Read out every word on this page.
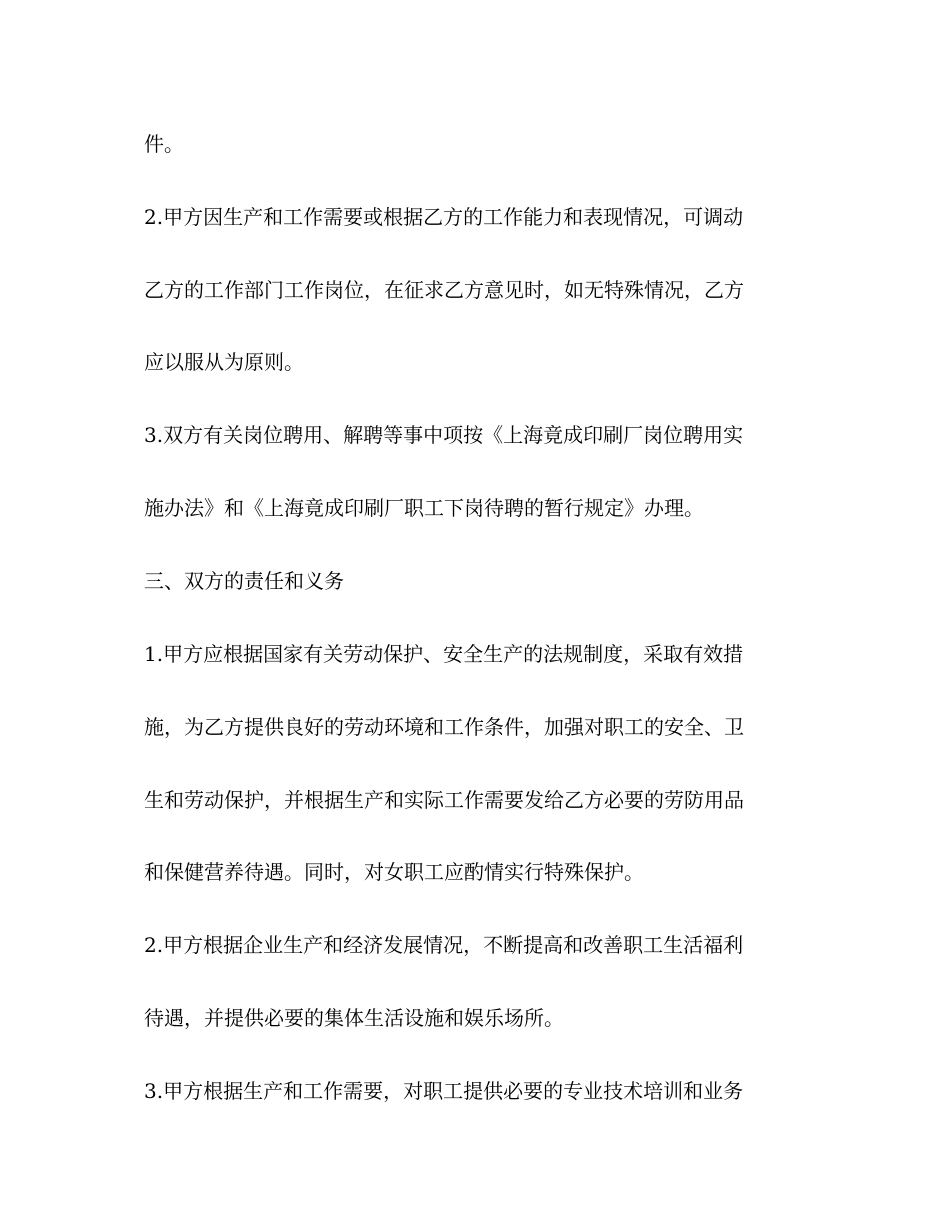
件。
2.甲方因生产和工作需要或根据乙方的工作能力和表现情况，可调动
乙方的工作部门工作岗位，在征求乙方意见时，如无特殊情况，乙方
应以服从为原则。
3.双方有关岗位聘用、解聘等事中项按《上海竟成印刷厂岗位聘用实
施办法》和《上海竟成印刷厂职工下岗待聘的暂行规定》办理。
三、双方的责任和义务
1.甲方应根据国家有关劳动保护、安全生产的法规制度，采取有效措
施，为乙方提供良好的劳动环境和工作条件，加强对职工的安全、卫
生和劳动保护，并根据生产和实际工作需要发给乙方必要的劳防用品
和保健营养待遇。同时，对女职工应酌情实行特殊保护。
2.甲方根据企业生产和经济发展情况，不断提高和改善职工生活福利
待遇，并提供必要的集体生活设施和娱乐场所。
3.甲方根据生产和工作需要，对职工提供必要的专业技术培训和业务
